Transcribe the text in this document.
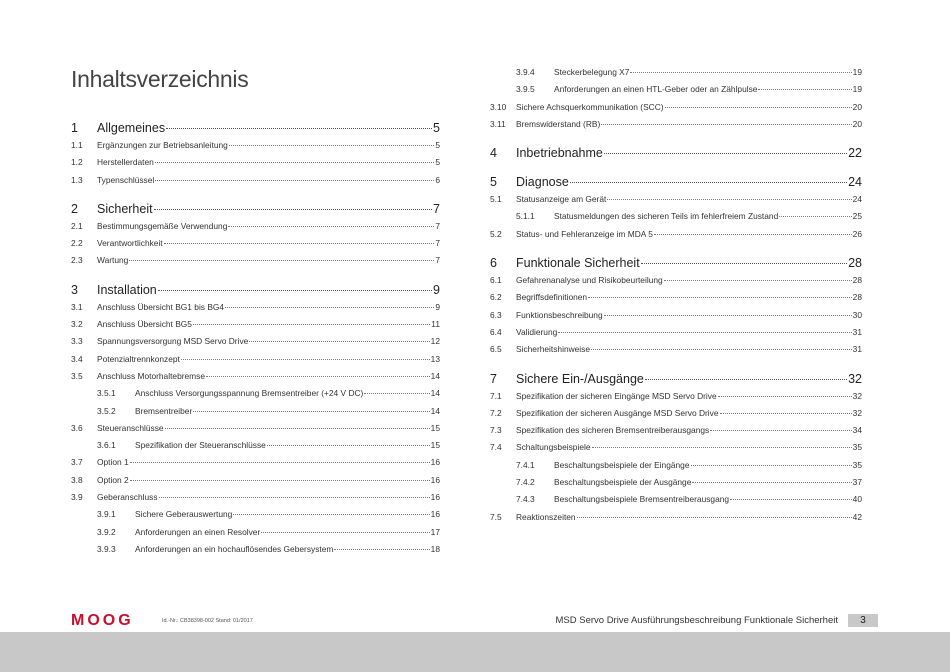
Inhaltsverzeichnis
1	Allgemeines	5
1.1	Ergänzungen zur Betriebsanleitung	5
1.2	Herstellerdaten	5
1.3	Typenschlüssel	6
2	Sicherheit	7
2.1	Bestimmungsgemäße Verwendung	7
2.2	Verantwortlichkeit	7
2.3	Wartung	7
3	Installation	9
3.1	Anschluss Übersicht BG1 bis BG4	9
3.2	Anschluss Übersicht BG5	11
3.3	Spannungsversorgung MSD Servo Drive	12
3.4	Potenzialtrennkonzept	13
3.5	Anschluss Motorhaltebremse	14
3.5.1	Anschluss Versorgungsspannung Bremsentreiber (+24 V DC)	14
3.5.2	Bremsentreiber	14
3.6	Steueranschlüsse	15
3.6.1	Spezifikation der Steueranschlüsse	15
3.7	Option 1	16
3.8	Option 2	16
3.9	Geberanschluss	16
3.9.1	Sichere Geberauswertung	16
3.9.2	Anforderungen an einen Resolver	17
3.9.3	Anforderungen an ein hochauflösendes Gebersystem	18
3.9.4	Steckerbelegung X7	19
3.9.5	Anforderungen an einen HTL-Geber oder an Zählpulse	19
3.10	Sichere Achsquerkommunikation (SCC)	20
3.11	Bremswiderstand (RB)	20
4	Inbetriebnahme	22
5	Diagnose	24
5.1	Statusanzeige am Gerät	24
5.1.1	Statusmeldungen des sicheren Teils im fehlerfreiem Zustand	25
5.2	Status- und Fehleranzeige im MDA 5	26
6	Funktionale Sicherheit	28
6.1	Gefahrenanalyse und Risikobeurteilung	28
6.2	Begriffsdefinitionen	28
6.3	Funktionsbeschreibung	30
6.4	Validierung	31
6.5	Sicherheitshinweise	31
7	Sichere Ein-/Ausgänge	32
7.1	Spezifikation der sicheren Eingänge MSD Servo Drive	32
7.2	Spezifikation der sicheren Ausgänge MSD Servo Drive	32
7.3	Spezifikation des sicheren Bremsentreiberausgangs	34
7.4	Schaltungsbeispiele	35
7.4.1	Beschaltungsbeispiele der Eingänge	35
7.4.2	Beschaltungsbeispiele der Ausgänge	37
7.4.3	Beschaltungsbeispiele Bremsentreiberausgang	40
7.5	Reaktionszeiten	42
MOOG	Id.-Nr.: CB38398-002 Stand: 01/2017	MSD Servo Drive Ausführungsbeschreibung Funktionale Sicherheit	3
